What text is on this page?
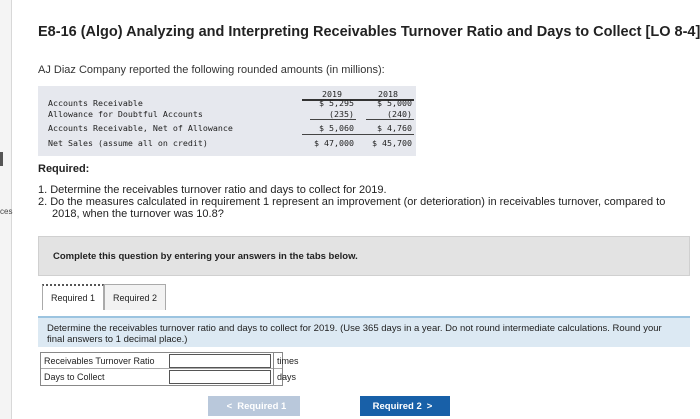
ces
E8-16 (Algo) Analyzing and Interpreting Receivables Turnover Ratio and Days to Collect [LO 8-4]
AJ Diaz Company reported the following rounded amounts (in millions):
2019	2018
Accounts Receivable	$ 5,295	$ 5,000
Allowance for Doubtful Accounts	(235)	(240)
Accounts Receivable, Net of Allowance	$ 5,060	$ 4,760
Net Sales (assume all on credit)	$ 47,000	$ 45,700
Required:
1. Determine the receivables turnover ratio and days to collect for 2019.
2. Do the measures calculated in requirement 1 represent an improvement (or deterioration) in receivables turnover, compared to
2018, when the turnover was 10.8?
Complete this question by entering your answers in the tabs below.
Required 1	Required 2
Determine the receivables turnover ratio and days to collect for 2019. (Use 365 days in a year. Do not round intermediate calculations. Round your final answers to 1 decimal place.)
Receivables Turnover Ratio	times
Days to Collect	days
< Required 1	Required 2 >
